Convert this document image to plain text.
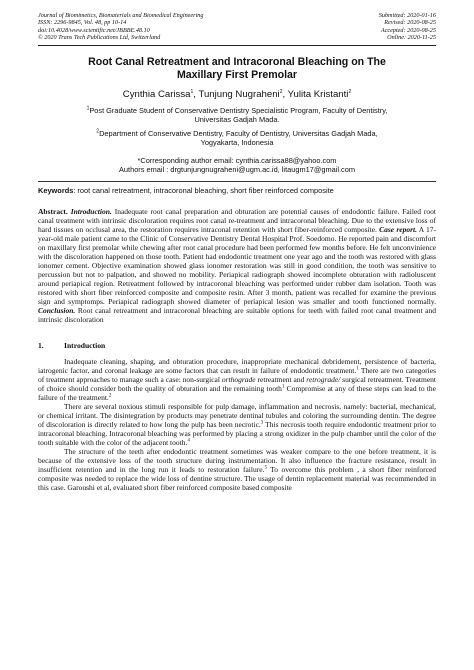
Journal of Biomimetics, Biomaterials and Biomedical Engineering
ISSN: 2296-9845, Vol. 48, pp 10-14
doi:10.4028/www.scientific.net/JBBBE.48.10
© 2020 Trans Tech Publications Ltd, Switzerland
Submitted: 2020-01-16
Revised: 2020-08-25
Accepted: 2020-08-25
Online: 2020-11-25
Root Canal Retreatment and Intracoronal Bleaching on The Maxillary First Premolar
Cynthia Carissa$^1$, Tunjung Nugraheni$^2$, Yulita Kristanti$^2$
$^1$Post Graduate Student of Conservative Dentistry Specialistic Program, Faculty of Dentistry, Universitas Gadjah Mada.
$^2$Department of Conservative Dentistry, Faculty of Dentistry, Universitas Gadjah Mada, Yogyakarta, Indonesia
*Corresponding author email: cynthia.carissa88@yahoo.com
Authors email : drgtunjungnugraheni@ugm.ac.id, litaugm17@gmail.com
Keywords: root canal retreatment, intracoronal bleaching, short fiber reinforced composite
Abstract. Introduction. Inadequate root canal preparation and obturation are potential causes of endodontic failure. Failed root canal treatment with intrinsic discoloration requires root canal re-treatment and intracoronal bleaching. Due to the extensive loss of hard tissues on occlusal area, the restoration requires intraconal retention with short fiber-reinforced composite. Case report. A 17-year-old male patient came to the Clinic of Conservative Dentistry Dental Hospital Prof. Soedomo. He reported pain and discomfort on maxillary first premolar while chewing after root canal procedure had been performed few months before. He felt unconvinience with the discoloration happened on those tooth. Patient had endodontic treatment one year ago and the tooth was restored with glass ionomer cement. Objective examination showed glass ionomer restoration was still in good condition, the tooth was sensitive to percussion but not to palpation, and showed no mobility. Periapical radiograph showed incomplete obturation with radioluscent around periapical region. Retreatment followed by intracoronal bleaching was performed under rubber dam isolation. Tooth was restored with short fiber reinforced composite and composite resin. After 3 month, patient was recalled for examine the previous sign and symptomps. Periapical radiograph showed diameter of periapical lesion was smaller and tooth functioned normally. Conclusion. Root canal retreatment and intracoronal bleaching are suitable options for teeth with failed root canal treatment and intrinsic discoloration
1.	Introduction

Inadequate cleaning, shaping, and obturation procedure, inappropriate mechanical debridement, persistence of bacteria, iatrogenic factor, and coronal leakage are some factors that can result in failure of endodontic treatment.$^1$ There are two categories of treatment approaches to manage such a case: non-surgical orthograde retreatment and retrograde/ surgical retreatment. Treatment of choice should consider both the quality of obturation and the remaining tooth$^1$ Compromise at any of these steps can lead to the failure of the treatment.$^2$

There are several noxious stimuli responsible for pulp damage, inflammation and necrosis, namely: bacterial, mechanical, or chemical irritant. The disintegration by products may penetrate dentinal tubules and coloring the surrounding dentin. The degree of discoloration is directly related to how long the pulp has been necrotic.$^3$ This necrosis tooth require endodontic treatment prior to intracoronal bleaching. Intracoronal bleaching was performed by placing a strong oxidizer in the pulp chamber until the color of the tooth suitable with the color of the adjacent tooth.$^4$

The structure of the teeth after endodontic treatment sometimes was weaker compare to the one before treatment, it is because of the extensive loss of the tooth structure during instrumentation. It also influence the fracture resistance, result in insufficient retention and in the long run it leads to restoration failure.$^5$ To overcome this problem , a short fiber reinforced composite was needed to replace the wide loss of dentine structure. The usage of dentin replacement material was recommended in this case. Garoushi et al, evaluated short fiber reinforced composite based composite
